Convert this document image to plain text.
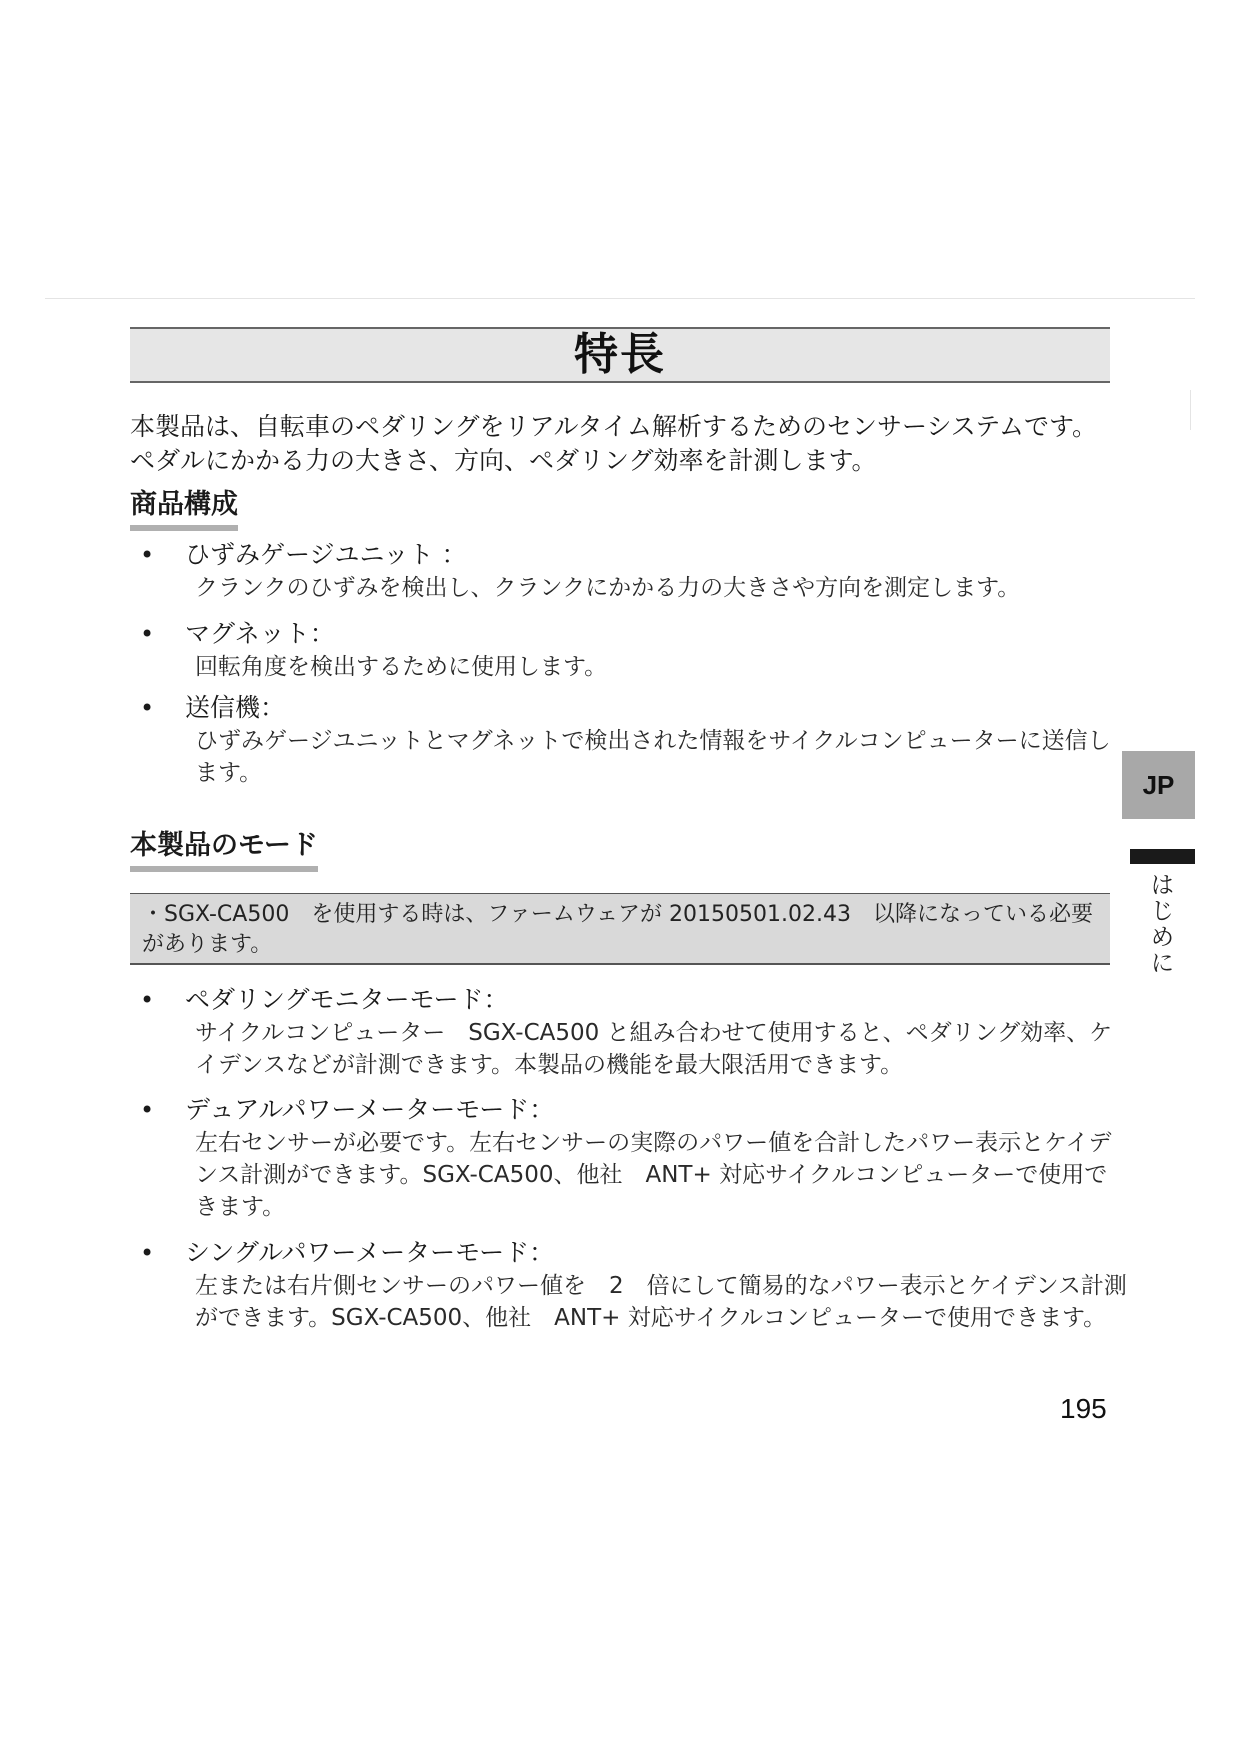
特長

本製品は、自転車のペダリングをリアルタイム解析するためのセンサーシステムです。ペダルにかかる力の大きさ、方向、ペダリング効率を計測します。

商品構成
• ひずみゲージユニット ：

クランクのひずみを検出し、クランクにかかる力の大きさや方向を測定します。

• マグネット：

回転角度を検出するために使用します。

• 送信機：

ひずみゲージユニットとマグネットで検出された情報をサイクルコンピューターに送信します。

本製品のモード

・SGX-CA500　を使用する時は、ファームウェアが 20150501.02.43　以降になっている必要があります。

• ペダリングモニターモード：

サイクルコンピューター　SGX-CA500 と組み合わせて使用すると、ペダリング効率、ケイデンスなどが計測できます。本製品の機能を最大限活用できます。

• デュアルパワーメーターモード：

左右センサーが必要です。左右センサーの実際のパワー値を合計したパワー表示とケイデンス計測ができます。SGX-CA500、他社　ANT+ 対応サイクルコンピューターで使用できます。

• シングルパワーメーターモード：

左または右片側センサーのパワー値を　2　倍にして簡易的なパワー表示とケイデンス計測ができます。SGX-CA500、他社　ANT+ 対応サイクルコンピューターで使用できます。

JP
はじめに
195
